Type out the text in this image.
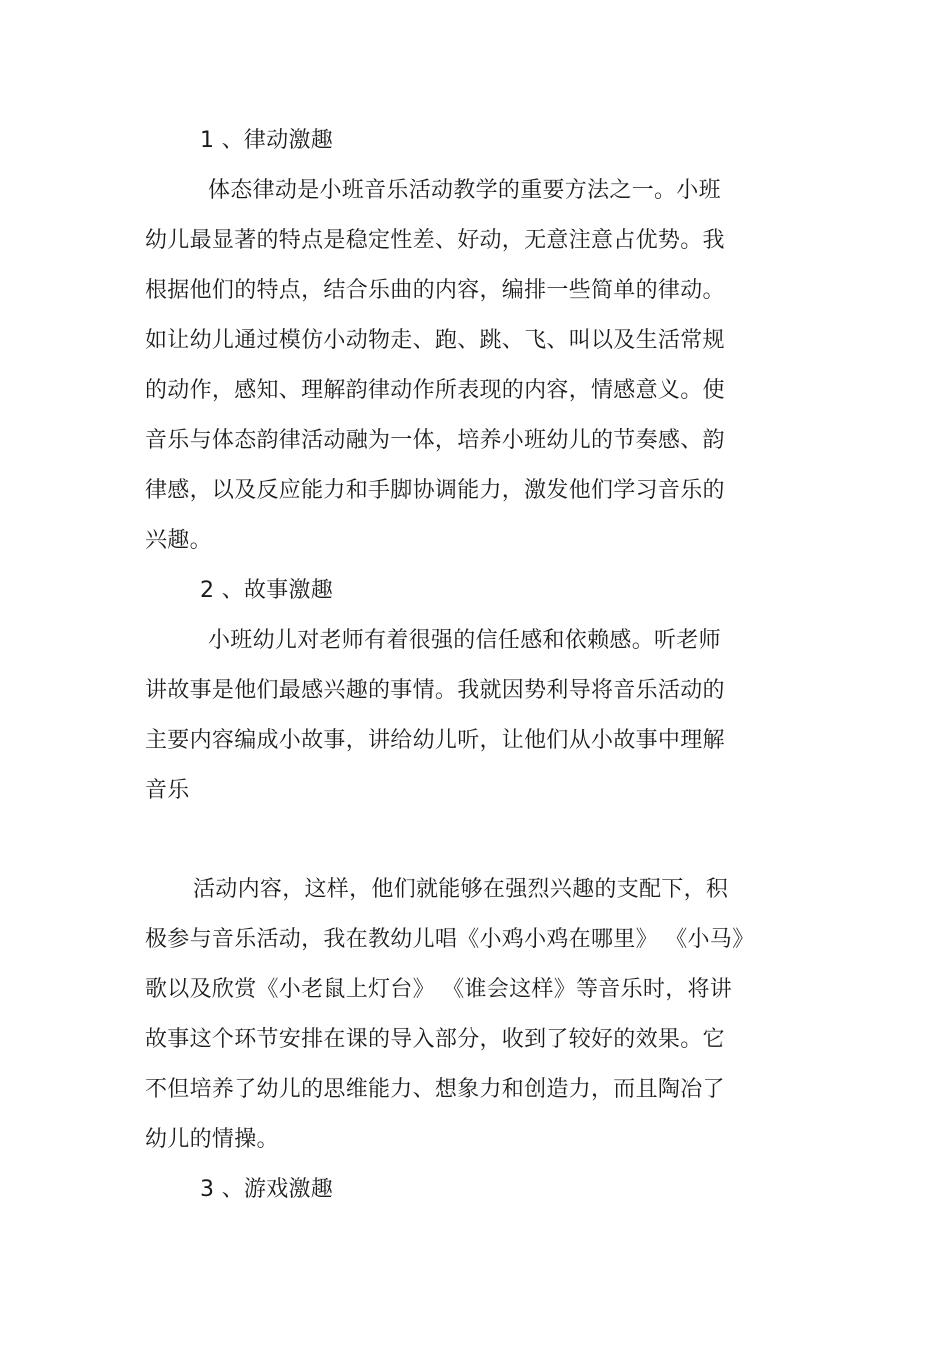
1 、律动激趣
体态律动是小班音乐活动教学的重要方法之一。小班
幼儿最显著的特点是稳定性差、好动，无意注意占优势。我
根据他们的特点，结合乐曲的内容，编排一些简单的律动。
如让幼儿通过模仿小动物走、跑、跳、飞、叫以及生活常规
的动作，感知、理解韵律动作所表现的内容，情感意义。使
音乐与体态韵律活动融为一体，培养小班幼儿的节奏感、韵
律感，以及反应能力和手脚协调能力，激发他们学习音乐的
兴趣。
2 、故事激趣
小班幼儿对老师有着很强的信任感和依赖感。听老师
讲故事是他们最感兴趣的事情。我就因势利导将音乐活动的
主要内容编成小故事，讲给幼儿听，让他们从小故事中理解
音乐
活动内容，这样，他们就能够在强烈兴趣的支配下，积
极参与音乐活动，我在教幼儿唱《小鸡小鸡在哪里》 《小马》
歌以及欣赏《小老鼠上灯台》 《谁会这样》等音乐时，将讲
故事这个环节安排在课的导入部分，收到了较好的效果。它
不但培养了幼儿的思维能力、想象力和创造力，而且陶冶了
幼儿的情操。
3 、游戏激趣
